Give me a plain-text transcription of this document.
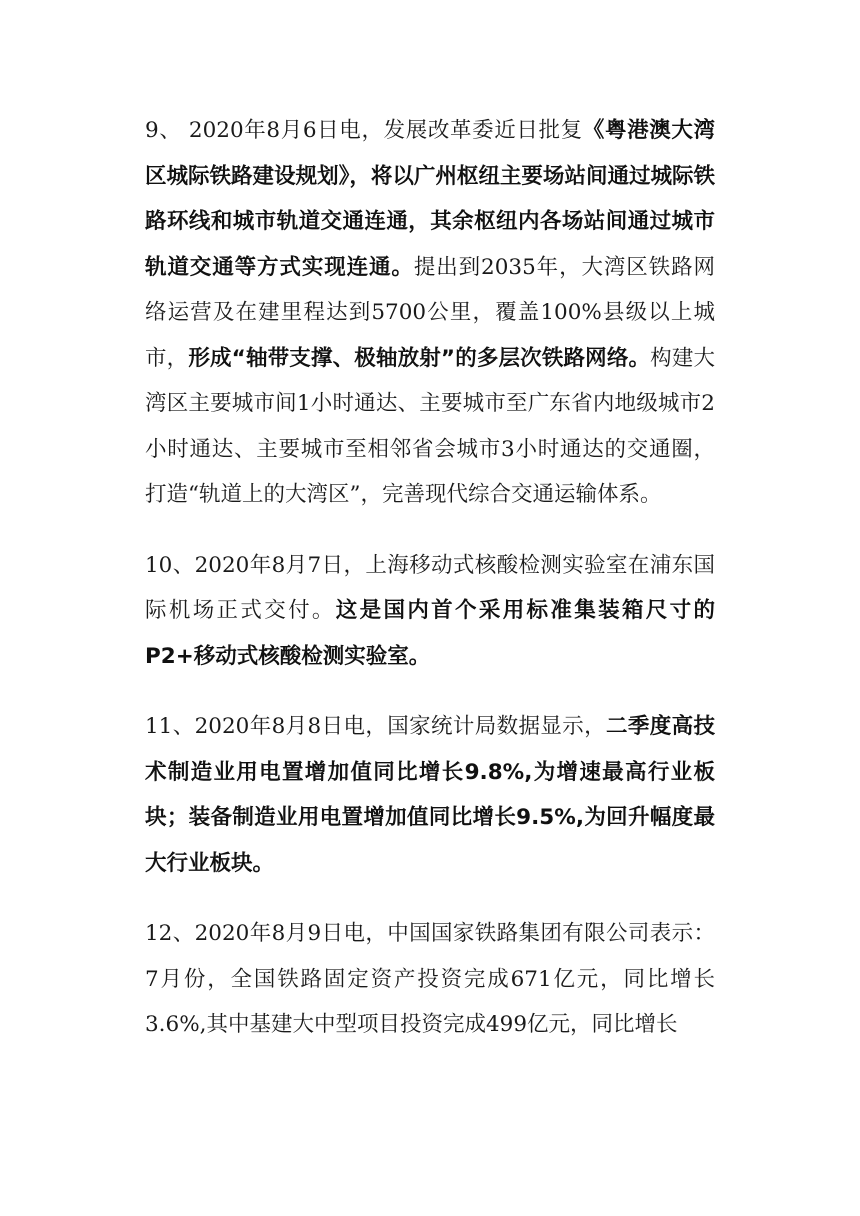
9、 2020年8月6日电，发展改革委近日批复《粤港澳大湾区城际铁路建设规划》，将以广州枢纽主要场站间通过城际铁路环线和城市轨道交通连通，其余枢纽内各场站间通过城市轨道交通等方式实现连通。提出到2035年，大湾区铁路网络运营及在建里程达到5700公里，覆盖100%县级以上城市，形成“轴带支撑、极轴放射”的多层次铁路网络。构建大湾区主要城市间1小时通达、主要城市至广东省内地级城市2小时通达、主要城市至相邻省会城市3小时通达的交通圈，打造“轨道上的大湾区”，完善现代综合交通运输体系。

10、2020年8月7日，上海移动式核酸检测实验室在浦东国际机场正式交付。这是国内首个采用标准集装箱尺寸的P2+移动式核酸检测实验室。

11、2020年8月8日电，国家统计局数据显示，二季度高技术制造业用电置增加值同比增长9.8%,为增速最高行业板块；装备制造业用电置增加值同比增长9.5%,为回升幅度最大行业板块。

12、2020年8月9日电，中国国家铁路集团有限公司表示：7月份，全国铁路固定资产投资完成671亿元，同比增长3.6%,其中基建大中型项目投资完成499亿元，同比增长
